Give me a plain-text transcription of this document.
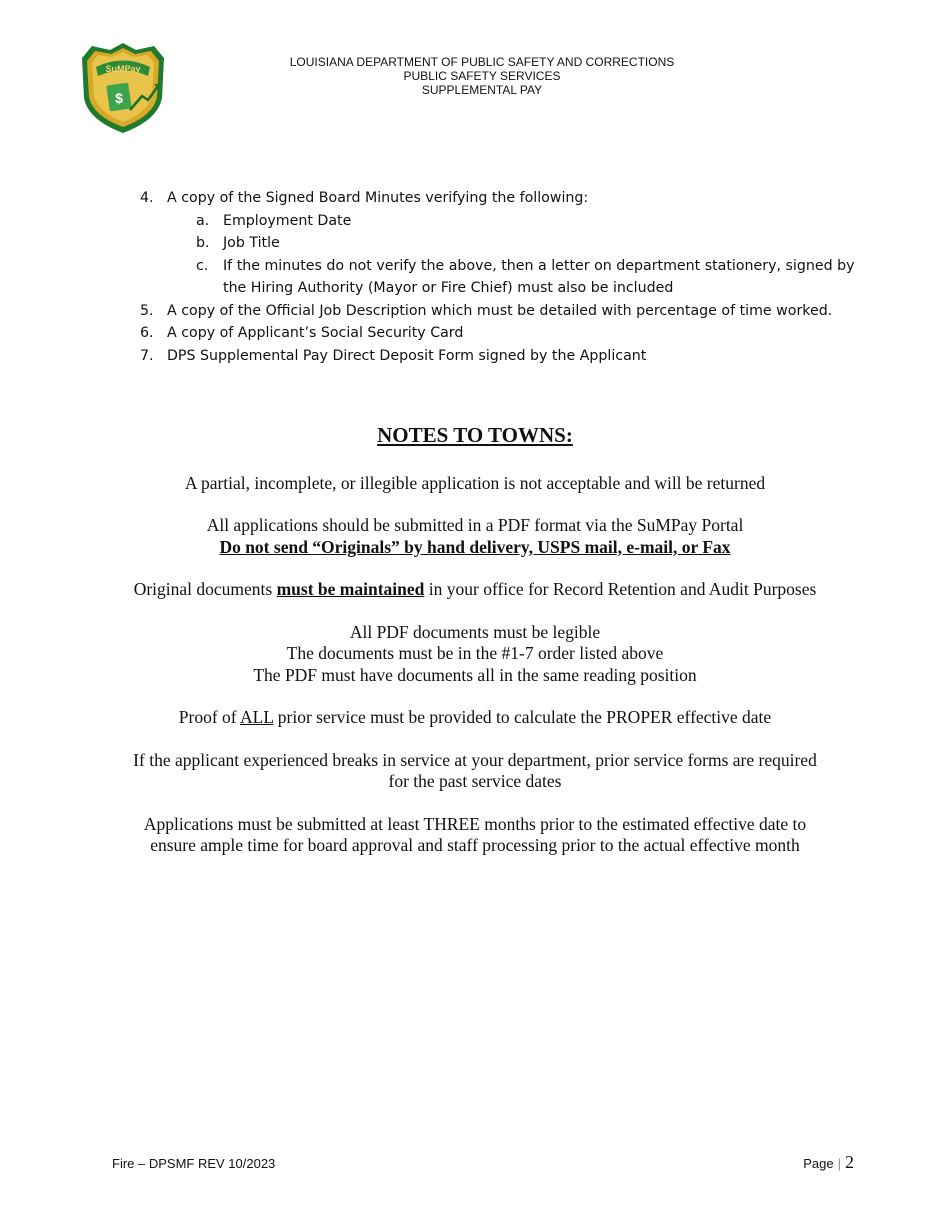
SuMPay
$
LOUISIANA DEPARTMENT OF PUBLIC SAFETY AND CORRECTIONS
PUBLIC SAFETY SERVICES
SUPPLEMENTAL PAY
4. A copy of the Signed Board Minutes verifying the following:
a. Employment Date
b. Job Title
c. If the minutes do not verify the above, then a letter on department stationery, signed by
the Hiring Authority (Mayor or Fire Chief) must also be included
5. A copy of the Official Job Description which must be detailed with percentage of time worked.
6. A copy of Applicant’s Social Security Card
7. DPS Supplemental Pay Direct Deposit Form signed by the Applicant
NOTES TO TOWNS:
A partial, incomplete, or illegible application is not acceptable and will be returned
All applications should be submitted in a PDF format via the SuMPay Portal
Do not send “Originals” by hand delivery, USPS mail, e-mail, or Fax
Original documents must be maintained in your office for Record Retention and Audit Purposes
All PDF documents must be legible
The documents must be in the #1-7 order listed above
The PDF must have documents all in the same reading position
Proof of ALL prior service must be provided to calculate the PROPER effective date
If the applicant experienced breaks in service at your department, prior service forms are required
for the past service dates
Applications must be submitted at least THREE months prior to the estimated effective date to
ensure ample time for board approval and staff processing prior to the actual effective month
Fire – DPSMF REV 10/2023	Page | 2
